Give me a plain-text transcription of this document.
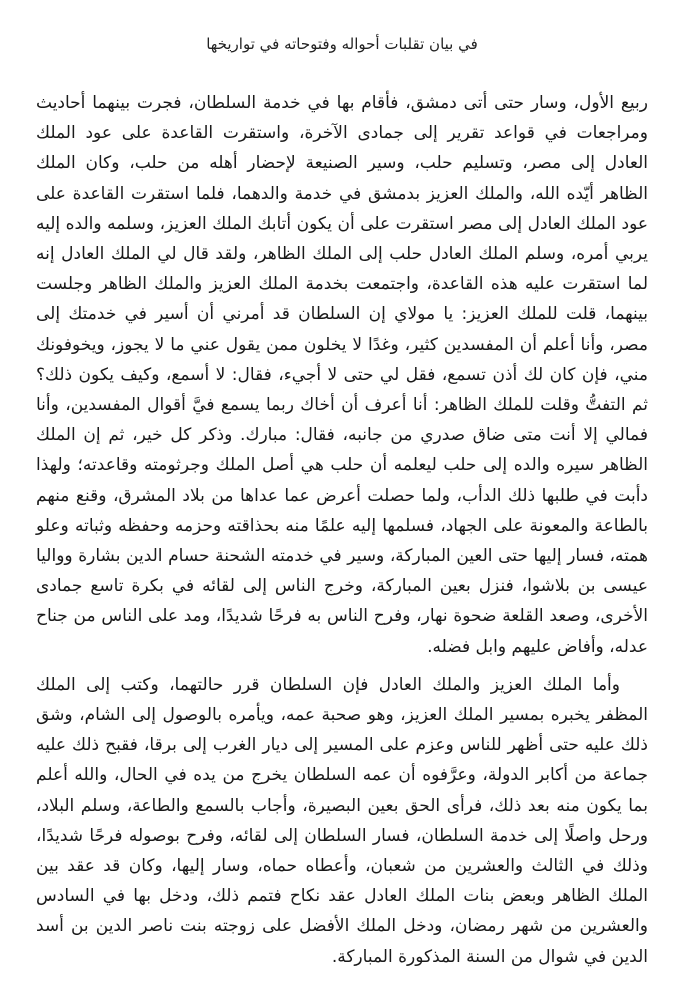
في بيان تقلبات أحواله وفتوحاته في تواريخها

ربيع الأول، وسار حتى أتى دمشق، فأقام بها في خدمة السلطان، فجرت بينهما أحاديث ومراجعات في قواعد تقرير إلى جمادى الآخرة، واستقرت القاعدة على عود الملك العادل إلى مصر، وتسليم حلب، وسير الصنيعة لإحضار أهله من حلب، وكان الملك الظاهر أيّده الله، والملك العزيز بدمشق في خدمة والدهما، فلما استقرت القاعدة على عود الملك العادل إلى مصر استقرت على أن يكون أتابك الملك العزيز، وسلمه والده إليه يربي أمره، وسلم الملك العادل حلب إلى الملك الظاهر، ولقد قال لي الملك العادل إنه لما استقرت عليه هذه القاعدة، واجتمعت بخدمة الملك العزيز والملك الظاهر وجلست بينهما، قلت للملك العزيز: يا مولاي إن السلطان قد أمرني أن أسير في خدمتك إلى مصر، وأنا أعلم أن المفسدين كثير، وغدًا لا يخلون ممن يقول عني ما لا يجوز، ويخوفونك مني، فإن كان لك أذن تسمع، فقل لي حتى لا أجيء، فقال: لا أسمع، وكيف يكون ذلك؟ ثم التفتُّ وقلت للملك الظاهر: أنا أعرف أن أخاك ربما يسمع فيَّ أقوال المفسدين، وأنا فمالي إلا أنت متى ضاق صدري من جانبه، فقال: مبارك. وذكر كل خير، ثم إن الملك الظاهر سيره والده إلى حلب ليعلمه أن حلب هي أصل الملك وجرثومته وقاعدته؛ ولهذا دأبت في طلبها ذلك الدأب، ولما حصلت أعرض عما عداها من بلاد المشرق، وقنع منهم بالطاعة والمعونة على الجهاد، فسلمها إليه علمًا منه بحذاقته وحزمه وحفظه وثباته وعلو همته، فسار إليها حتى العين المباركة، وسير في خدمته الشحنة حسام الدين بشارة وواليا عيسى بن بلاشوا، فنزل بعين المباركة، وخرج الناس إلى لقائه في بكرة تاسع جمادى الأخرى، وصعد القلعة ضحوة نهار، وفرح الناس به فرحًا شديدًا، ومد على الناس من جناح عدله، وأفاض عليهم وابل فضله.

وأما الملك العزيز والملك العادل فإن السلطان قرر حالتهما، وكتب إلى الملك المظفر يخبره بمسير الملك العزيز، وهو صحبة عمه، ويأمره بالوصول إلى الشام، وشق ذلك عليه حتى أظهر للناس وعزم على المسير إلى ديار الغرب إلى برقا، فقبح ذلك عليه جماعة من أكابر الدولة، وعرَّفوه أن عمه السلطان يخرج من يده في الحال، والله أعلم بما يكون منه بعد ذلك، فرأى الحق بعين البصيرة، وأجاب بالسمع والطاعة، وسلم البلاد، ورحل واصلًا إلى خدمة السلطان، فسار السلطان إلى لقائه، وفرح بوصوله فرحًا شديدًا، وذلك في الثالث والعشرين من شعبان، وأعطاه حماه، وسار إليها، وكان قد عقد بين الملك الظاهر وبعض بنات الملك العادل عقد نكاح فتمم ذلك، ودخل بها في السادس والعشرين من شهر رمضان، ودخل الملك الأفضل على زوجته بنت ناصر الدين بن أسد الدين في شوال من السنة المذكورة المباركة.
